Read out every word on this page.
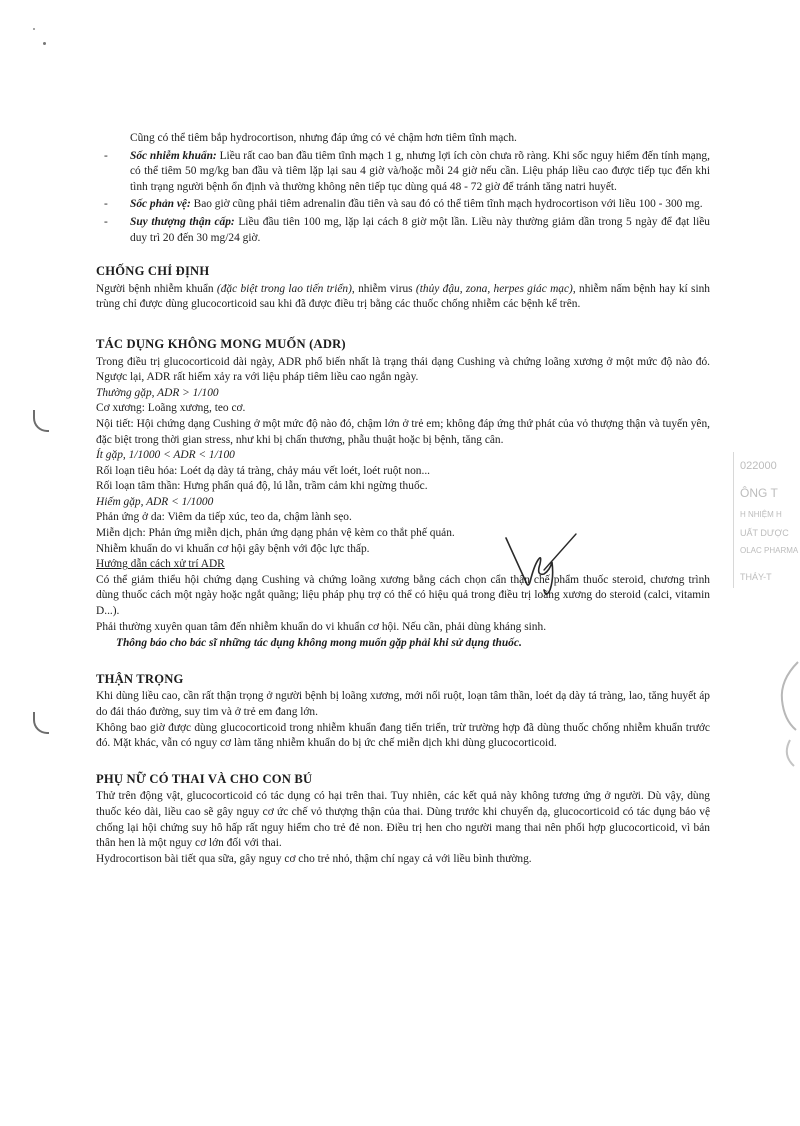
022000
ÔNG T
H NHIỆM H
UẤT DƯỢC
OLAC PHARMA
THÁY-T

Cũng có thể tiêm bắp hydrocortison, nhưng đáp ứng có vẻ chậm hơn tiêm tĩnh mạch.

- Sốc nhiễm khuẩn: Liều rất cao ban đầu tiêm tĩnh mạch 1 g, nhưng lợi ích còn chưa rõ ràng. Khi sốc nguy hiểm đến tính mạng, có thể tiêm 50 mg/kg ban đầu và tiêm lặp lại sau 4 giờ và/hoặc mỗi 24 giờ nếu cần. Liệu pháp liều cao được tiếp tục đến khi tình trạng người bệnh ổn định và thường không nên tiếp tục dùng quá 48 - 72 giờ để tránh tăng natri huyết.

- Sốc phản vệ: Bao giờ cũng phải tiêm adrenalin đầu tiên và sau đó có thể tiêm tĩnh mạch hydrocortison với liều 100 - 300 mg.

- Suy thượng thận cấp: Liều đầu tiên 100 mg, lặp lại cách 8 giờ một lần. Liều này thường giảm dần trong 5 ngày để đạt liều duy trì 20 đến 30 mg/24 giờ.

CHỐNG CHỈ ĐỊNH

Người bệnh nhiễm khuẩn (đặc biệt trong lao tiến triển), nhiễm virus (thủy đậu, zona, herpes giác mạc), nhiễm nấm bệnh hay kí sinh trùng chỉ được dùng glucocorticoid sau khi đã được điều trị bằng các thuốc chống nhiễm các bệnh kể trên.

TÁC DỤNG KHÔNG MONG MUỐN (ADR)

Trong điều trị glucocorticoid dài ngày, ADR phổ biến nhất là trạng thái dạng Cushing và chứng loãng xương ở một mức độ nào đó. Ngược lại, ADR rất hiếm xảy ra với liệu pháp tiêm liều cao ngắn ngày.

Thường gặp, ADR > 1/100

Cơ xương: Loãng xương, teo cơ.

Nội tiết: Hội chứng dạng Cushing ở một mức độ nào đó, chậm lớn ở trẻ em; không đáp ứng thứ phát của vỏ thượng thận và tuyến yên, đặc biệt trong thời gian stress, như khi bị chấn thương, phẫu thuật hoặc bị bệnh, tăng cân.

Ít gặp, 1/1000 < ADR < 1/100

Rối loạn tiêu hóa: Loét dạ dày tá tràng, chảy máu vết loét, loét ruột non...

Rối loạn tâm thần: Hưng phấn quá độ, lú lẫn, trầm cảm khi ngừng thuốc.

Hiếm gặp, ADR < 1/1000

Phản ứng ở da: Viêm da tiếp xúc, teo da, chậm lành sẹo.

Miễn dịch: Phản ứng miễn dịch, phản ứng dạng phản vệ kèm co thắt phế quản.

Nhiễm khuẩn do vi khuẩn cơ hội gây bệnh với độc lực thấp.

Hướng dẫn cách xử trí ADR

Có thể giảm thiểu hội chứng dạng Cushing và chứng loãng xương bằng cách chọn cẩn thận chế phẩm thuốc steroid, chương trình dùng thuốc cách một ngày hoặc ngắt quãng; liệu pháp phụ trợ có thể có hiệu quả trong điều trị loãng xương do steroid (calci, vitamin D...).

Phải thường xuyên quan tâm đến nhiễm khuẩn do vi khuẩn cơ hội. Nếu cần, phải dùng kháng sinh.

Thông báo cho bác sĩ những tác dụng không mong muốn gặp phải khi sử dụng thuốc.

THẬN TRỌNG

Khi dùng liều cao, cần rất thận trọng ở người bệnh bị loãng xương, mới nối ruột, loạn tâm thần, loét dạ dày tá tràng, lao, tăng huyết áp do đái tháo đường, suy tim và ở trẻ em đang lớn.

Không bao giờ được dùng glucocorticoid trong nhiễm khuẩn đang tiến triển, trừ trường hợp đã dùng thuốc chống nhiễm khuẩn trước đó. Mặt khác, vẫn có nguy cơ làm tăng nhiễm khuẩn do bị ức chế miễn dịch khi dùng glucocorticoid.

PHỤ NỮ CÓ THAI VÀ CHO CON BÚ

Thử trên động vật, glucocorticoid có tác dụng có hại trên thai. Tuy nhiên, các kết quả này không tương ứng ở người. Dù vậy, dùng thuốc kéo dài, liều cao sẽ gây nguy cơ ức chế vỏ thượng thận của thai. Dùng trước khi chuyển dạ, glucocorticoid có tác dụng bảo vệ chống lại hội chứng suy hô hấp rất nguy hiểm cho trẻ đẻ non. Điều trị hen cho người mang thai nên phối hợp glucocorticoid, vì bản thân hen là một nguy cơ lớn đối với thai.

Hydrocortison bài tiết qua sữa, gây nguy cơ cho trẻ nhỏ, thậm chí ngay cả với liều bình thường.
